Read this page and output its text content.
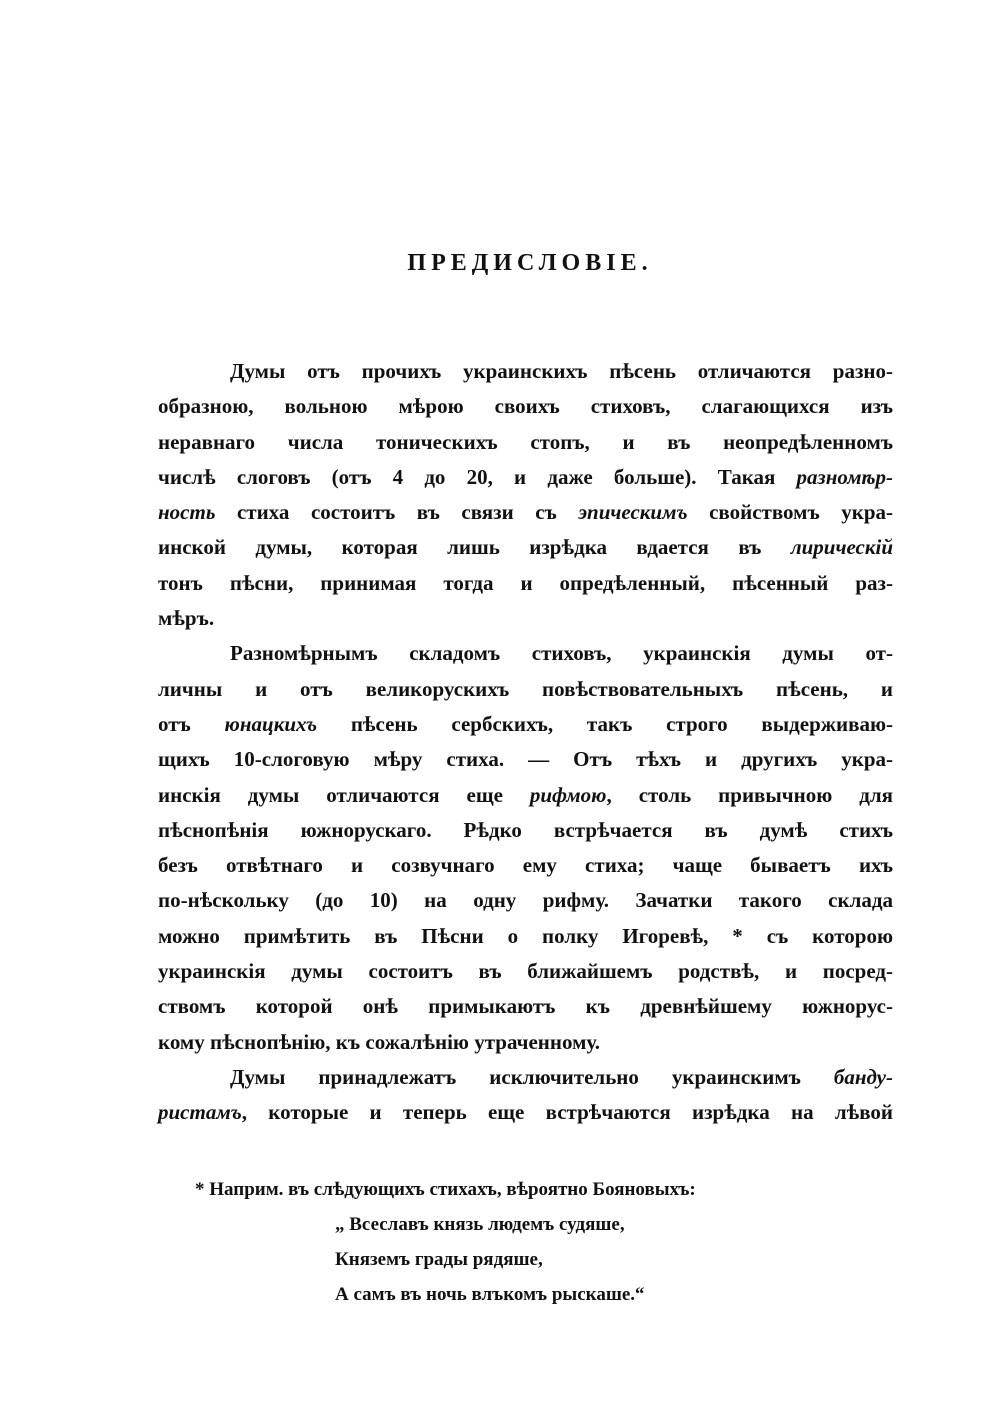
ПРЕДИСЛОВІЕ.
Думы отъ прочихъ украинскихъ пѣсень отличаются разно-
образною, вольною мѣрою своихъ стиховъ, слагающихся изъ
неравнаго числа тоническихъ стопъ, и въ неопредѣленномъ
числѣ слоговъ (отъ 4 до 20, и даже больше). Такая разномѣр-
ность стиха состоитъ въ связи съ эпическимъ свойствомъ укра-
инской думы, которая лишь изрѣдка вдается въ лирическій
тонъ пѣсни, принимая тогда и опредѣленный, пѣсенный раз-
мѣръ.
Разномѣрнымъ складомъ стиховъ, украинскія думы от-
личны и отъ великорускихъ повѣствовательныхъ пѣсень, и
отъ юнацкихъ пѣсень сербскихъ, такъ строго выдерживаю-
щихъ 10-слоговую мѣру стиха. — Отъ тѣхъ и другихъ укра-
инскія думы отличаются еще рифмою, столь привычною для
пѣснопѣнія южнорускаго. Рѣдко встрѣчается въ думѣ стихъ
безъ отвѣтнаго и созвучнаго ему стиха; чаще бываетъ ихъ
по-нѣскольку (до 10) на одну рифму. Зачатки такого склада
можно примѣтить въ Пѣсни о полку Игоревѣ, * съ которою
украинскія думы состоитъ въ ближайшемъ родствѣ, и посред-
ствомъ которой онѣ примыкаютъ къ древнѣйшему южнорус-
кому пѣснопѣнію, къ сожалѣнію утраченному.
Думы принадлежатъ исключительно украинскимъ банду-
ристамъ, которые и теперь еще встрѣчаются изрѣдка на лѣвой
* Наприм. въ слѣдующихъ стихахъ, вѣроятно Бояновыхъ:
„ Всеславъ князь людемъ судяше,
Княземъ грады рядяше,
А самъ въ ночь влъкомъ рыскаше.“
